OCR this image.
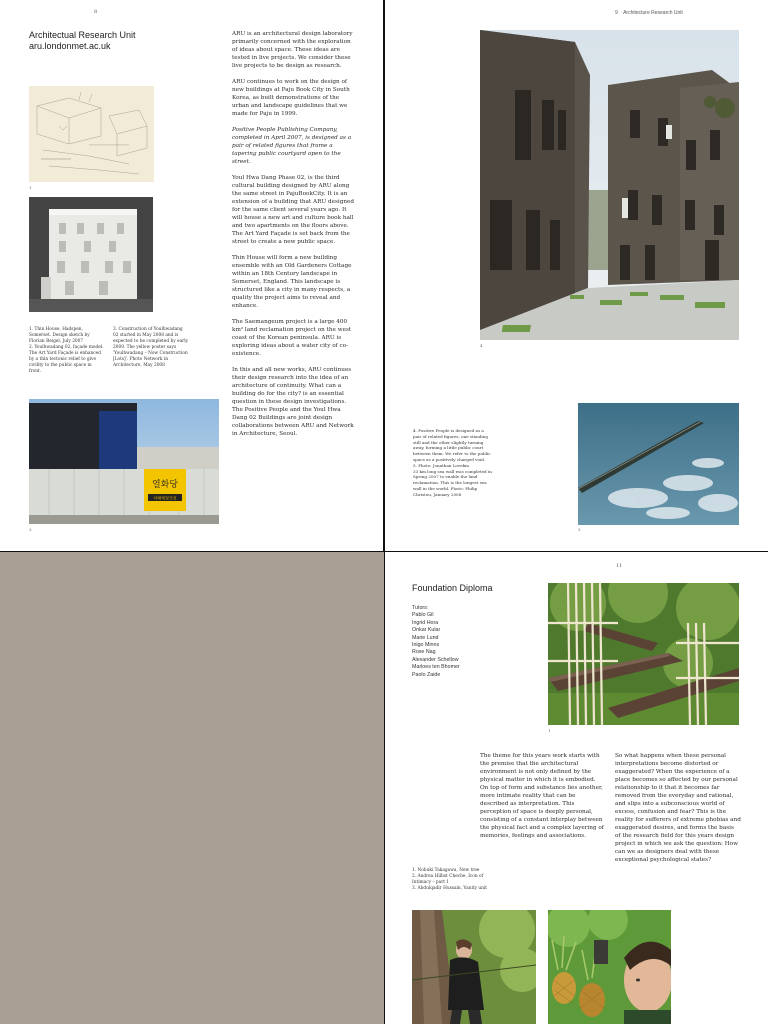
8
Architectual Research Unit
aru.londonmet.ac.uk
1

1. Thin House, Hadspen, Somerset. Design sketch by Florian Beigel, July 2007

2. Youlhwadang 02, façade model. The Art Yard Façade is enhanced by a thin tectonic relief to give civility to the public space in front.

3. Construction of Youlhwadang 02 started in May 2008 and is expected to be completed by early 2009. The yellow poster says 'Youlhwadang – Now Construction [Lots]'. Photo Network in Architecture, May 2008

열화당
미래예정건설
3

ARU is an architectural design laboratory primarily concerned with the exploration of ideas about space. These ideas are tested in live projects. We consider these live projects to be design as research.

ARU continues to work on the design of new buildings at Paju Book City in South Korea, as built demonstrations of the urban and landscape guidelines that we made for Paju in 1999.

Positive People Publishing Company, completed in April 2007, is designed as a pair of related figures that frame a tapering public courtyard open to the street.

Youl Hwa Dang Phase 02, is the third cultural building designed by ARU along the same street in PajuBookCity. It is an extension of a building that ARU designed for the same client several years ago. It will house a new art and culture book hall and two apartments on the floors above. The Art Yard Façade is set back from the street to create a new public space.

Thin House will form a new building ensemble with an Old Gardeners Cottage within an 18th Century landscape in Somerset, England. This landscape is structured like a city in many respects, a quality the project aims to reveal and enhance.

The Saemangeum project is a large 400 km² land reclamation project on the west coast of the Korean peninsula. ARU is exploring ideas about a water city of co-existence.

In this and all new works, ARU continues their design research into the idea of an architecture of continuity. What can a building do for the city? is an essential question in these design investigations. The Positive People and the Youl Hwa Dang 02 Buildings are joint design collaborations between ARU and Network in Architecture, Seoul.

9 Architecture Research Unit
4

4. Positive People is designed as a pair of related figures, one standing still and the other slightly turning away, forming a little public court between them. We refer to the public space as a positively charged void.

5. Photo: Jonathan Lovekin

33 km long sea wall was completed in Spring 2007 to enable the land reclamation. This is the longest sea wall in the world. Photo: Philip Christou, January 2008

5
11
Foundation Diploma
Tutors:
Pablo Gil
Ingrid Hora
Onkar Kular
Marie Lund
Inigo Minns
Rose Nag
Alexander Schellow
Marloes ten Bhomer
Paolo Zaide
1

The theme for this years work starts with the premise that the architectural environment is not only defined by the physical matter in which it is embodied. On top of form and substance lies another, more intimate reality that can be described as interpretation. This perception of space is deeply personal, consisting of a constant interplay between the physical fact and a complex layering of memories, feelings and associations.

So what happens when these personal interpretations become distorted or exaggerated? When the experience of a place becomes so affected by our personal relationship to it that it becomes far removed from the everyday and rational, and slips into a subconscious world of excess, confusion and fear? This is the reality for sufferers of extreme phobias and exaggerated desires, and forms the basis of the research field for this years design project in which we ask the question: How can we as designers deal with these exceptional psychological states?

1. Nobuki Takagawa, New tree

2. Andrea Hilbst Cheche, Icon of Intimacy – part 1

3. Abdulqadir Hussain, Vanity unit
